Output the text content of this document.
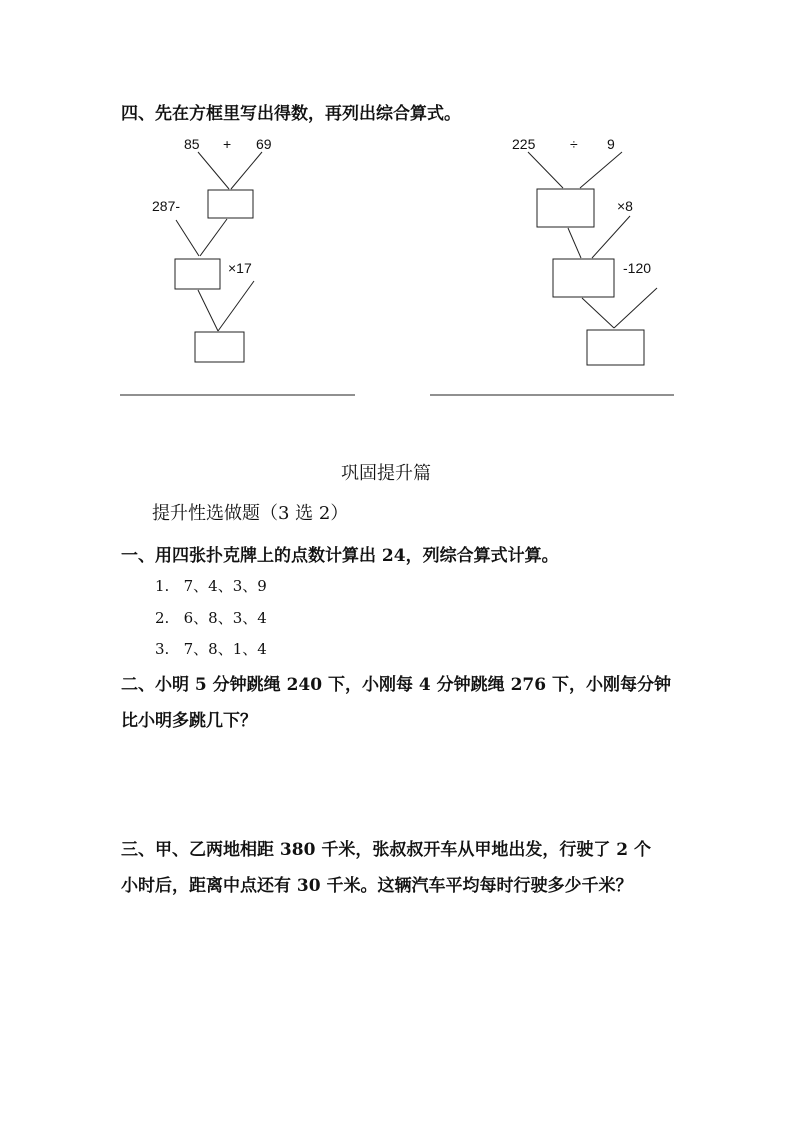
四、先在方框里写出得数，再列出综合算式。
85 + 69
287-
×17
225 ÷ 9
×8
-120
巩固提升篇
提升性选做题（3 选 2）
一、用四张扑克牌上的点数计算出 24，列综合算式计算。
1. 7、4、3、9
2. 6、8、3、4
3. 7、8、1、4
二、小明 5 分钟跳绳 240 下，小刚每 4 分钟跳绳 276 下，小刚每分钟
比小明多跳几下？
三、甲、乙两地相距 380 千米，张叔叔开车从甲地出发，行驶了 2 个
小时后，距离中点还有 30 千米。这辆汽车平均每时行驶多少千米？
